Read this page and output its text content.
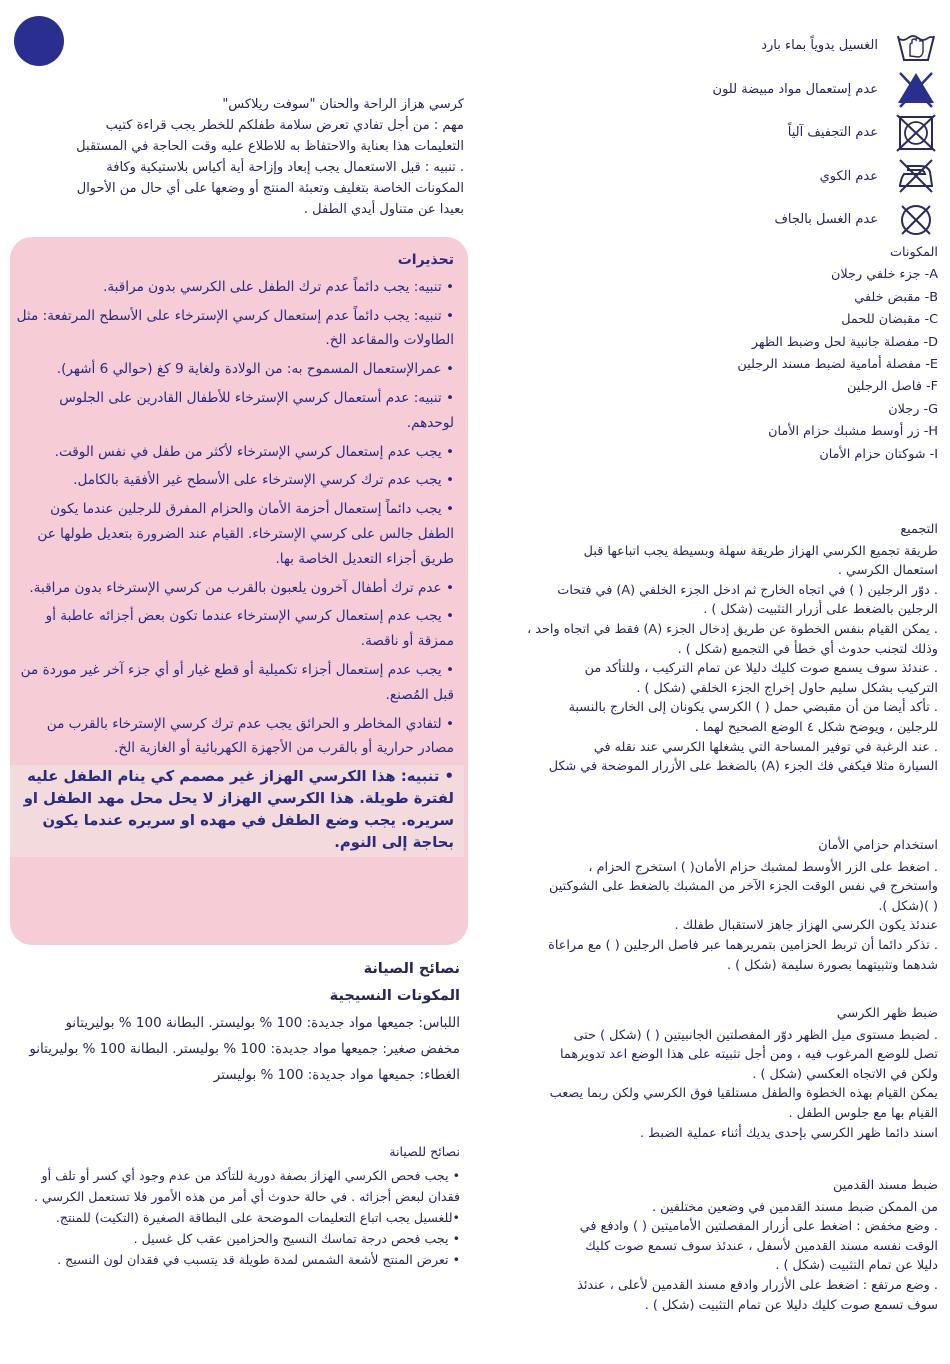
كرسي هزاز الراحة والحنان "سوفت ريلاكس"

مهم : من أجل تفادي تعرض سلامة طفلكم للخطر يجب قراءة كتيب

التعليمات هذا بعناية والاحتفاظ به للاطلاع عليه وقت الحاجة في المستقبل

. تنبيه : قبل الاستعمال يجب إبعاد وإزاحة أية أكياس بلاستيكية وكافة

المكونات الخاصة بتغليف وتعبئة المنتج أو وضعها على أي حال من الأحوال

بعيدا عن متناول أيدي الطفل .

تحذيرات

• تنبيه: يجب دائماً عدم ترك الطفل على الكرسي بدون مراقبة.

• تنبيه: يجب دائماً عدم إستعمال كرسي الإسترخاء على الأسطح المرتفعة: مثل الطاولات والمقاعد الخ.

• عمرالإستعمال المسموح به: من الولادة ولغاية 9 كغ (حوالي 6 أشهر).

• تنبيه: عدم أستعمال كرسي الإسترخاء للأطفال القادرين على الجلوس لوحدهم.

• يجب عدم إستعمال كرسي الإسترخاء لأكثر من طفل في نفس الوقت.

• يجب عدم ترك كرسي الإسترخاء على الأسطح غير الأفقية بالكامل.

• يجب دائماً إستعمال أحزمة الأمان والحزام المفرق للرجلين عندما يكون الطفل جالس على كرسي الإسترخاء. القيام عند الضرورة بتعديل طولها عن طريق أجزاء التعديل الخاصة بها.

• عدم ترك أطفال آخرون يلعبون بالقرب من كرسي الإسترخاء بدون مراقبة.

• يجب عدم إستعمال كرسي الإسترخاء عندما تكون بعض أجزائه عاطبة أو ممزقة أو ناقصة.

• يجب عدم إستعمال أجزاء تكميلية أو قطع غيار أو أي جزء آخر غير موردة من قبل المُصنع.

• لتفادي المخاطر و الحرائق يجب عدم ترك كرسي الإسترخاء بالقرب من مصادر حرارية أو بالقرب من الأجهزة الكهربائية أو الغازية الخ.

• تنبيه: هذا الكرسي الهزاز غير مصمم كي ينام الطفل عليه لفترة طويلة. هذا الكرسي الهزاز لا يحل محل مهد الطفل او سريره. يجب وضع الطفل في مهده او سريره عندما يكون بحاجة إلى النوم.

نصائح الصيانة
المكونات النسيجية

اللباس: جميعها مواد جديدة: 100 % بوليستر. البطانة 100 % بوليريتانو

مخفض صغير: جميعها مواد جديدة: 100 % بوليستر. البطانة 100 % بوليريتانو الغطاء: جميعها مواد جديدة: 100 % بوليستر

نصائح للصيانة

• يجب فحص الكرسي الهزاز بصفة دورية للتأكد من عدم وجود أي كسر أو تلف أو فقدان لبعض أجزائه . في حالة حدوث أي أمر من هذه الأمور فلا تستعمل الكرسي .

•للغسيل يجب اتباع التعليمات الموضحة على البطاقة الصغيرة (التكيت) للمنتج.

• يجب فحص درجة تماسك النسيج والحزامين عقب كل غسيل .

• تعرض المنتج لأشعة الشمس لمدة طويلة قد يتسبب في فقدان لون النسيج .

الغسيل يدوياً بماء بارد
عدم إستعمال مواد مبيضة للون
عدم التجفيف آلياً
عدم الكوي
عدم الغسل بالجاف

المكونات

A- جزء خلفي رجلان

B- مقبض خلفي

C- مقبضان للحمل

D- مفصلة جانبية لحل وضبط الظهر

E- مفصلة أمامية لضبط مسند الرجلين

F- فاصل الرجلين

G- رجلان

H- زر أوسط مشبك حزام الأمان

I- شوكتان حزام الأمان

التجميع

طريقة تجميع الكرسي الهزاز طريقة سهلة وبسيطة يجب اتباعها قبل

استعمال الكرسي .

. دوّر الرجلين ( ) في اتجاه الخارج ثم ادخل الجزء الخلفي (A) في فتحات

الرجلين بالضغط على أزرار التثبيت (شكل ) .

. يمكن القيام بنفس الخطوة عن طريق إدخال الجزء (A) فقط في اتجاه واحد ،

وذلك لتجنب حدوث أي خطأ في التجميع (شكل ) .

. عندئذ سوف يسمع صوت كليك دليلا عن تمام التركيب ، وللتأكد من

التركيب بشكل سليم حاول إخراج الجزء الخلفي (شكل ) .

. تأكد أيضا من أن مقبضي حمل ( ) الكرسي يكونان إلى الخارج بالنسبة

للرجلين ، ويوضح شكل ٤ الوضع الصحيح لهما .

. عند الرغبة في توفير المساحة التي يشغلها الكرسي عند نقله في

السيارة مثلا فيكفي فك الجزء (A) بالضغط على الأزرار الموضحة في شكل

استخدام حزامي الأمان

. اضغط على الزر الأوسط لمشبك حزام الأمان( ) استخرج الحزام ،

واستخرج في نفس الوقت الجزء الآخر من المشبك بالضغط على الشوكتين

( )(شكل ).

عندئذ يكون الكرسي الهزاز جاهز لاستقبال طفلك .

. تذكر دائما أن تربط الحزامين بتمريرهما عبر فاصل الرجلين ( ) مع مراعاة

شدهما وتثبيتهما بصورة سليمة (شكل ) .

ضبط ظهر الكرسي

. لضبط مستوى ميل الظهر دوّر المفصلتين الجانبيتين ( ) (شكل ) حتى

تصل للوضع المرغوب فيه ، ومن أجل تثبيته على هذا الوضع اعد تدويرهما

ولكن في الاتجاه العكسي (شكل ) .

يمكن القيام بهذه الخطوة والطفل مستلقيا فوق الكرسي ولكن ربما يصعب

القيام بها مع جلوس الطفل .

اسند دائما ظهر الكرسي بإحدى يديك أثناء عملية الضبط .

ضبط مسند القدمين

من الممكن ضبط مسند القدمين في وضعين مختلفين .

. وضع مخفض : اضغط على أزرار المفصلتين الأماميتين ( ) وادفع في

الوقت نفسه مسند القدمين لأسفل ، عندئذ سوف تسمع صوت كليك

دليلا عن تمام التثبيت (شكل ) .

. وضع مرتفع : اضغط على الأزرار وادفع مسند القدمين لأعلى ، عندئذ

سوف تسمع صوت كليك دليلا عن تمام التثبيت (شكل ) .
